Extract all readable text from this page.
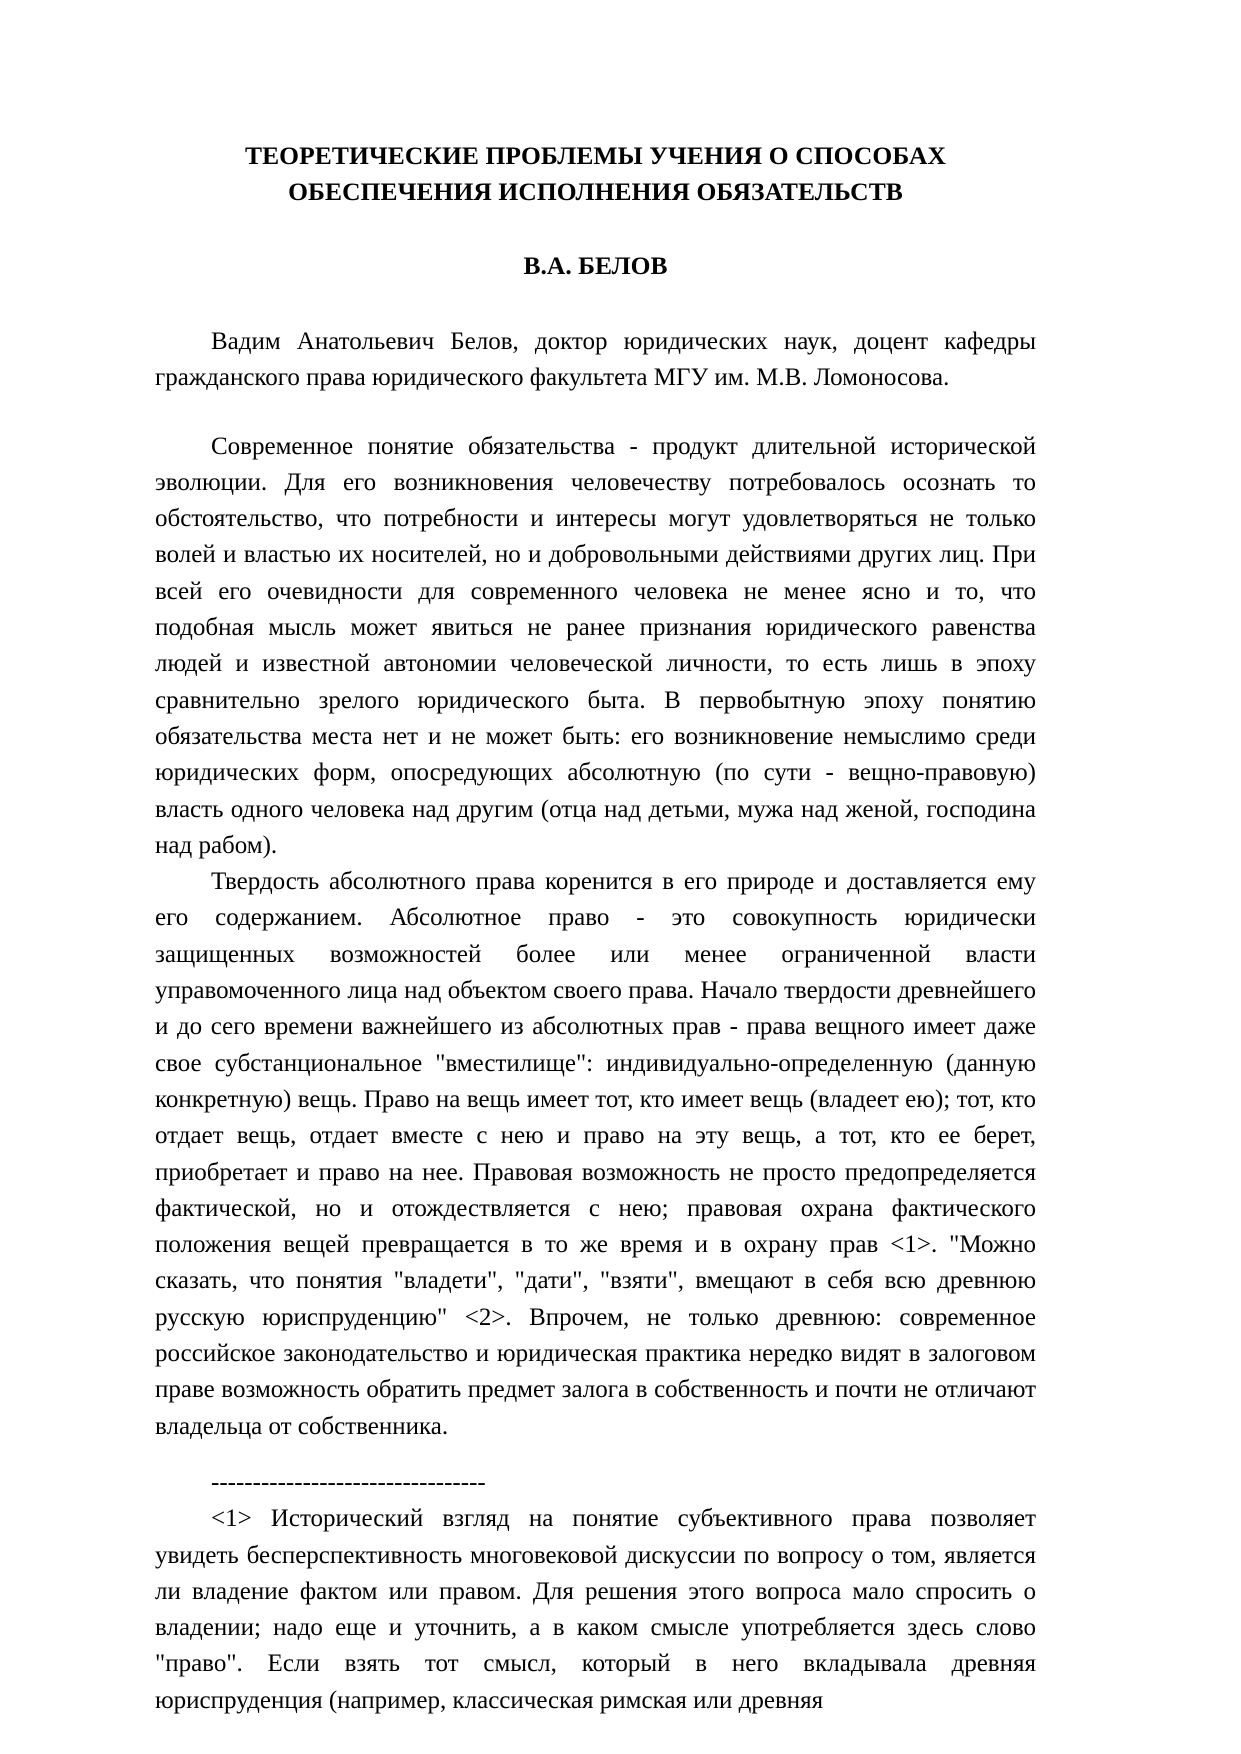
ТЕОРЕТИЧЕСКИЕ ПРОБЛЕМЫ УЧЕНИЯ О СПОСОБАХ
ОБЕСПЕЧЕНИЯ ИСПОЛНЕНИЯ ОБЯЗАТЕЛЬСТВ
В.А. БЕЛОВ

Вадим Анатольевич Белов, доктор юридических наук, доцент кафедры гражданского права юридического факультета МГУ им. М.В. Ломоносова.

Современное понятие обязательства - продукт длительной исторической эволюции. Для его возникновения человечеству потребовалось осознать то обстоятельство, что потребности и интересы могут удовлетворяться не только волей и властью их носителей, но и добровольными действиями других лиц. При всей его очевидности для современного человека не менее ясно и то, что подобная мысль может явиться не ранее признания юридического равенства людей и известной автономии человеческой личности, то есть лишь в эпоху сравнительно зрелого юридического быта. В первобытную эпоху понятию обязательства места нет и не может быть: его возникновение немыслимо среди юридических форм, опосредующих абсолютную (по сути - вещно-правовую) власть одного человека над другим (отца над детьми, мужа над женой, господина над рабом).

Твердость абсолютного права коренится в его природе и доставляется ему его содержанием. Абсолютное право - это совокупность юридически защищенных возможностей более или менее ограниченной власти управомоченного лица над объектом своего права. Начало твердости древнейшего и до сего времени важнейшего из абсолютных прав - права вещного имеет даже свое субстанциональное "вместилище": индивидуально-определенную (данную конкретную) вещь. Право на вещь имеет тот, кто имеет вещь (владеет ею); тот, кто отдает вещь, отдает вместе с нею и право на эту вещь, а тот, кто ее берет, приобретает и право на нее. Правовая возможность не просто предопределяется фактической, но и отождествляется с нею; правовая охрана фактического положения вещей превращается в то же время и в охрану прав <1>. "Можно сказать, что понятия "владети", "дати", "взяти", вмещают в себя всю древнюю русскую юриспруденцию" <2>. Впрочем, не только древнюю: современное российское законодательство и юридическая практика нередко видят в залоговом праве возможность обратить предмет залога в собственность и почти не отличают владельца от собственника.

---------------------------------

<1> Исторический взгляд на понятие субъективного права позволяет увидеть бесперспективность многовековой дискуссии по вопросу о том, является ли владение фактом или правом. Для решения этого вопроса мало спросить о владении; надо еще и уточнить, а в каком смысле употребляется здесь слово "право". Если взять тот смысл, который в него вкладывала древняя юриспруденция (например, классическая римская или древняя
